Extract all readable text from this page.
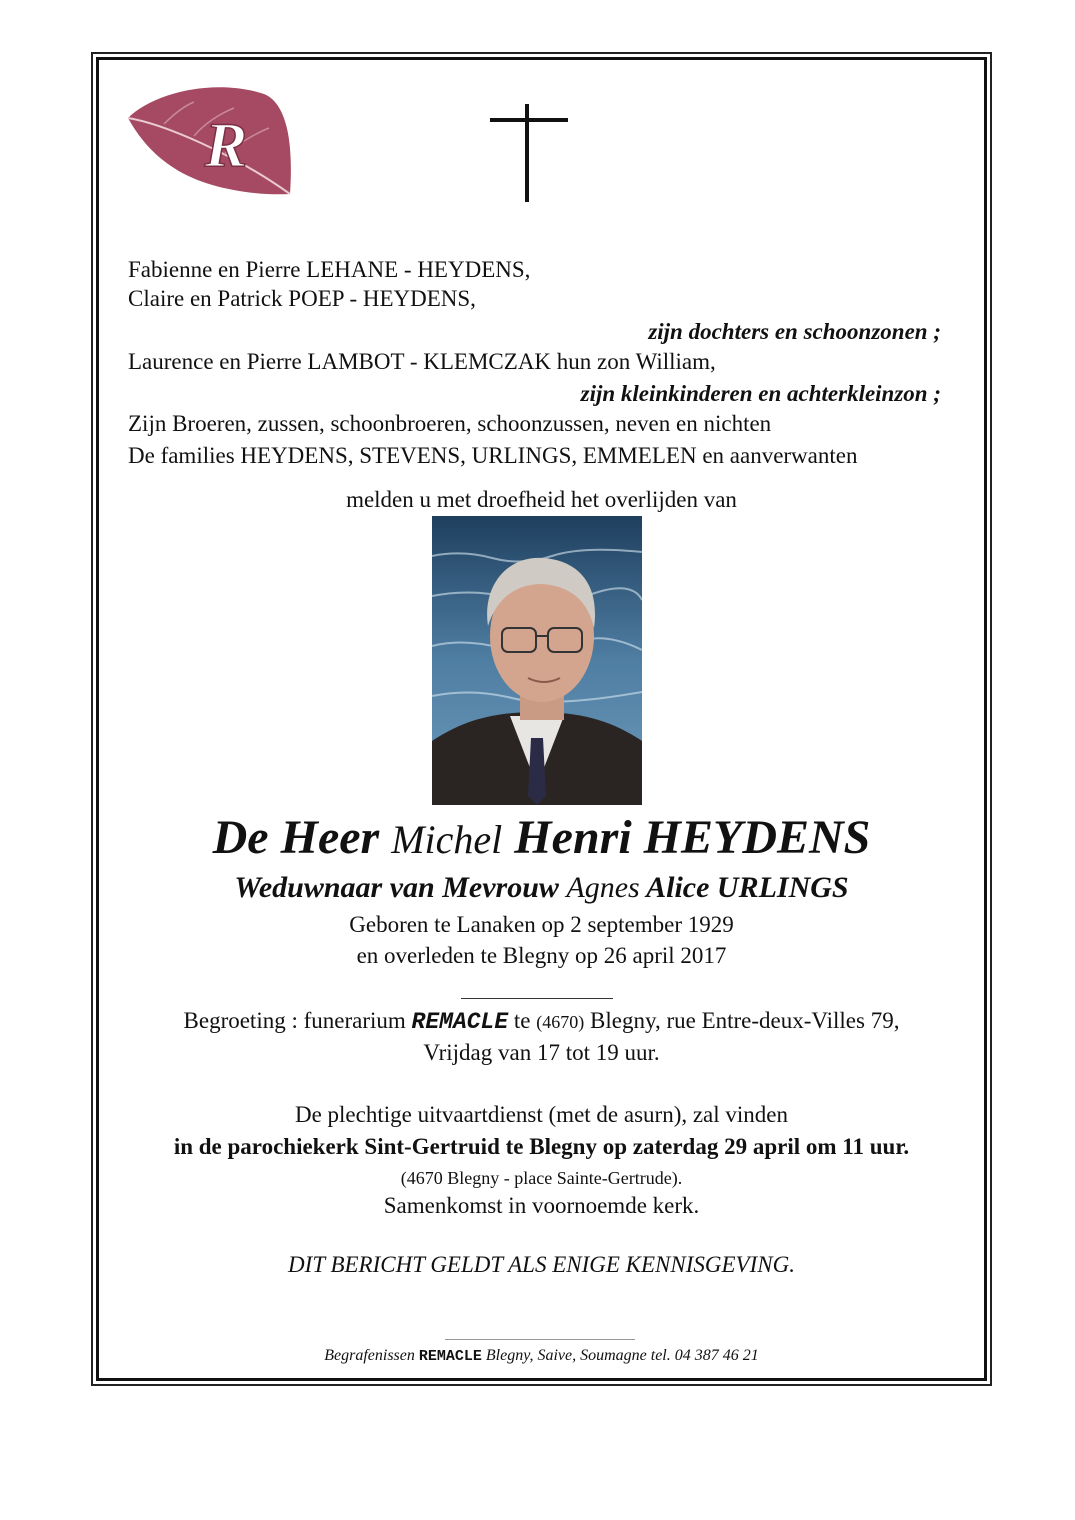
R
Fabienne en Pierre LEHANE - HEYDENS,
Claire en Patrick POEP - HEYDENS,
zijn dochters en schoonzonen ;
Laurence en Pierre LAMBOT - KLEMCZAK hun zon William,
zijn kleinkinderen en achterkleinzon ;
Zijn Broeren, zussen, schoonbroeren, schoonzussen, neven en nichten
De families HEYDENS, STEVENS, URLINGS, EMMELEN en aanverwanten
melden u met droefheid het overlijden van
De Heer Michel Henri HEYDENS
Weduwnaar van Mevrouw Agnes Alice URLINGS
Geboren te Lanaken op 2 september 1929
en overleden te Blegny op 26 april 2017
Begroeting : funerarium REMACLE te (4670) Blegny, rue Entre-deux-Villes 79,
Vrijdag van 17 tot 19 uur.
De plechtige uitvaartdienst (met de asurn), zal vinden
in de parochiekerk Sint-Gertruid te Blegny op zaterdag 29 april om 11 uur.
(4670 Blegny - place Sainte-Gertrude).
Samenkomst in voornoemde kerk.
DIT BERICHT GELDT ALS ENIGE KENNISGEVING.
Begrafenissen REMACLE Blegny, Saive, Soumagne tel. 04 387 46 21
